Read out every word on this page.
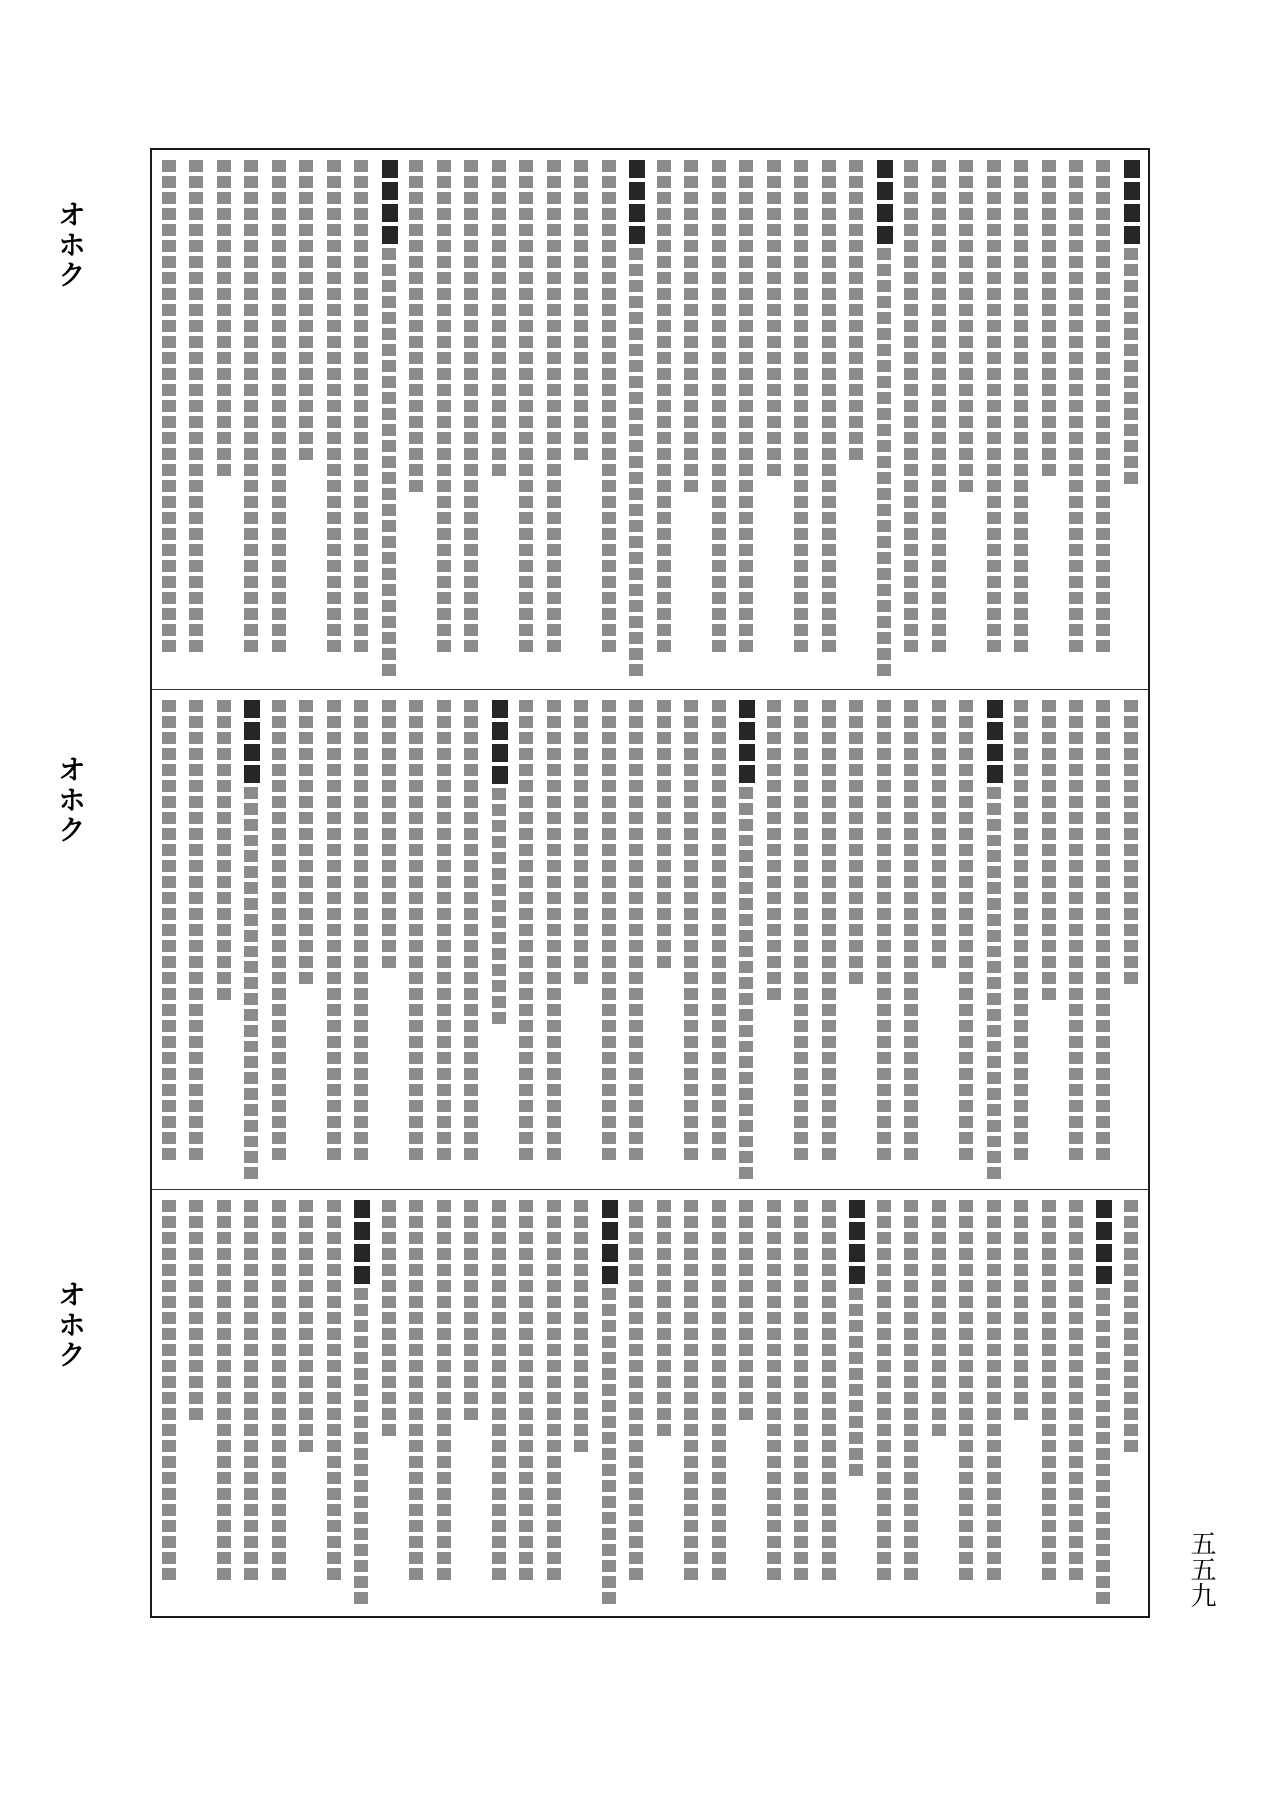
オホク
オホク
オホク
五五九
